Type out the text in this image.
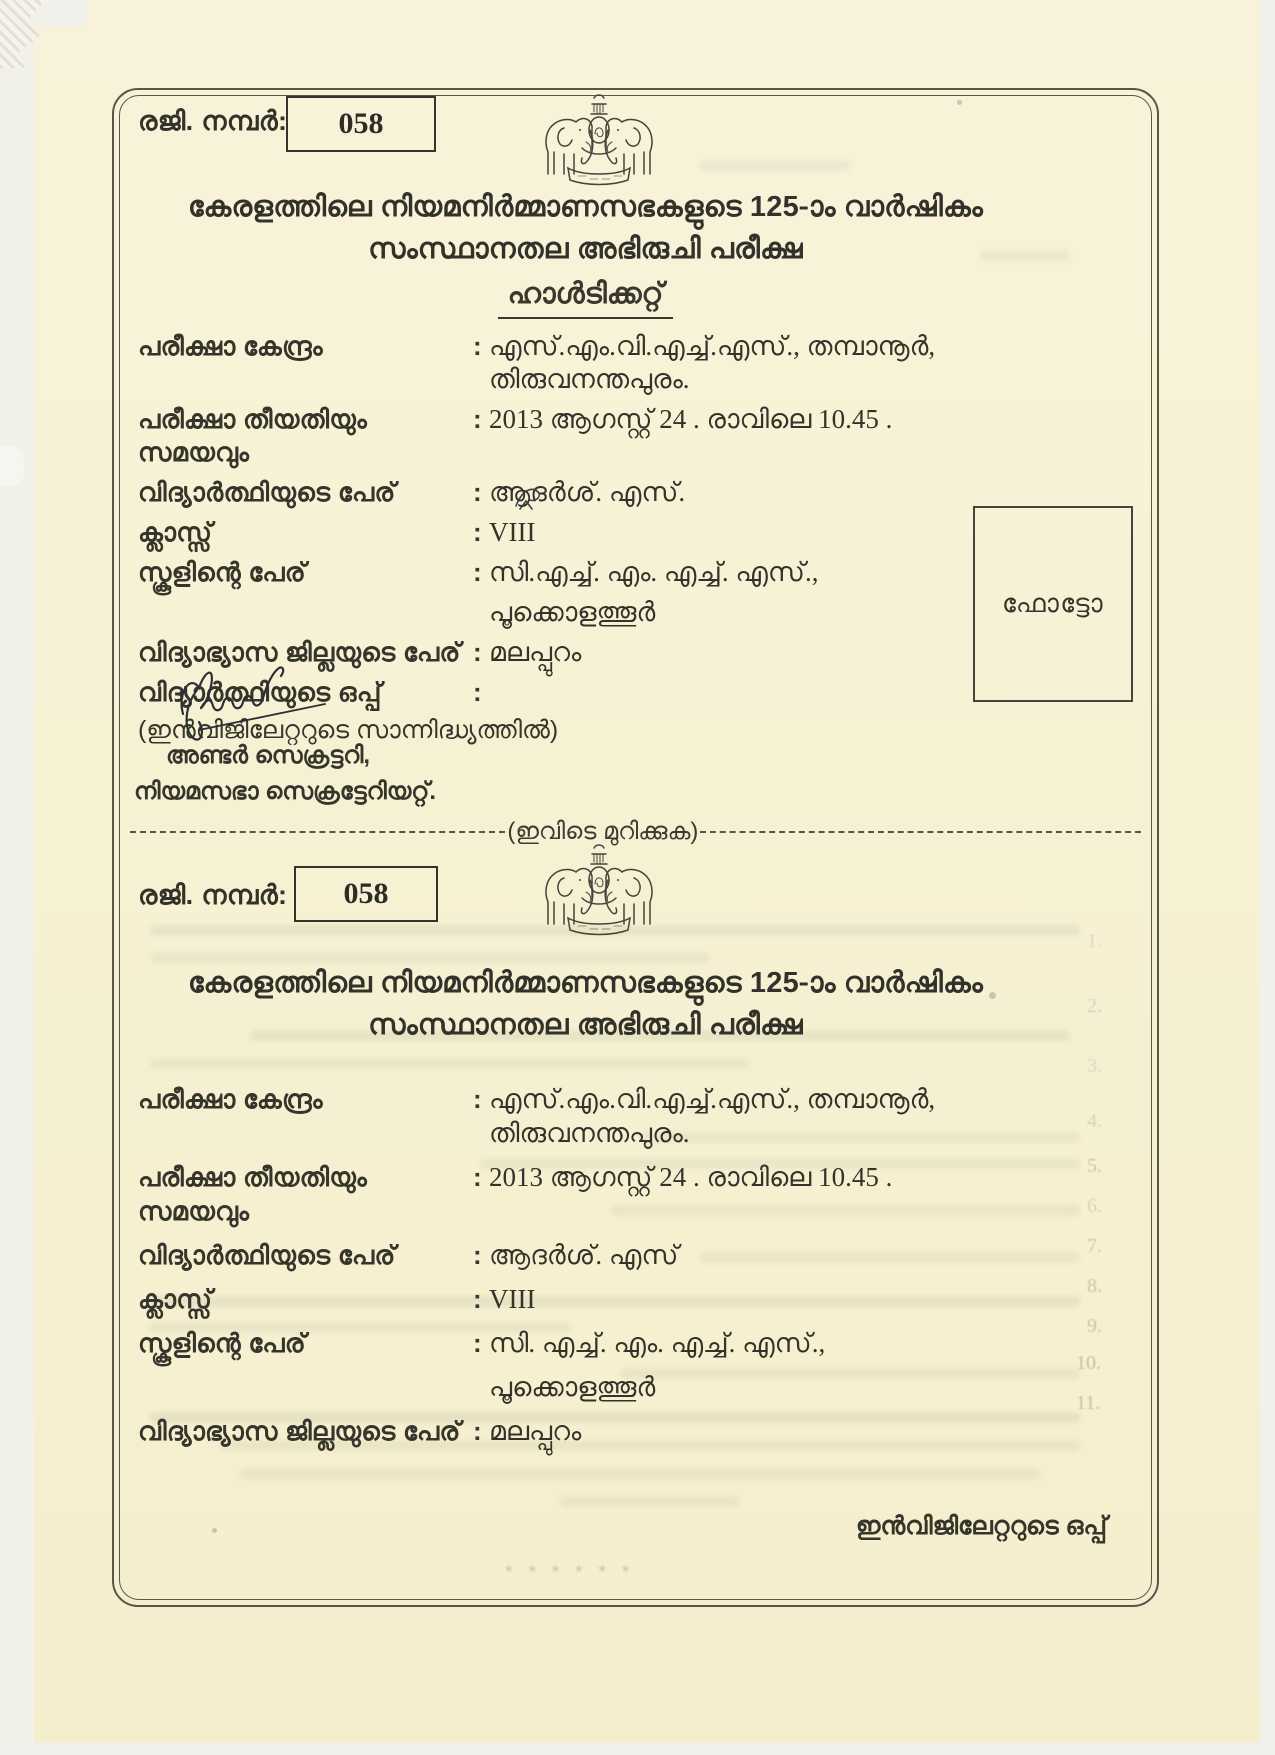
* * * * * *
രജി. നമ്പർ:	058
കേരളത്തിലെ നിയമനിർമ്മാണസഭകളുടെ 125-ാം വാർഷികം
സംസ്ഥാനതല അഭിരുചി പരീക്ഷ
ഹാൾടിക്കറ്റ്
പരീക്ഷാ കേന്ദ്രം	: എസ്.എം.വി.എച്ച്.എസ്., തമ്പാനൂർ, തിരുവനന്തപുരം.
പരീക്ഷാ തീയതിയും സമയവും
: 2013 ആഗസ്റ്റ് 24 . രാവിലെ 10.45 .
വിദ്യാർത്ഥിയുടെ പേര്	: ആദർശ്. എസ്.
ക്ലാസ്സ്	: VIII
സ്കൂളിന്റെ പേര്	: സി.എച്ച്. എം. എച്ച്. എസ്.,
പൂക്കൊളത്തൂർ
വിദ്യാഭ്യാസ ജില്ലയുടെ പേര് : മലപ്പുറം
വിദ്യാർത്ഥിയുടെ ഒപ്പ്	:
(ഇൻവിജിലേറ്ററുടെ സാന്നിദ്ധ്യത്തിൽ)
ഫോട്ടോ
അണ്ടർ സെക്രട്ടറി,
നിയമസഭാ സെക്രട്ടേറിയറ്റ്.
(ഇവിടെ മുറിക്കുക)
രജി. നമ്പർ:	058
കേരളത്തിലെ നിയമനിർമ്മാണസഭകളുടെ 125-ാം വാർഷികം
സംസ്ഥാനതല അഭിരുചി പരീക്ഷ
പരീക്ഷാ കേന്ദ്രം	: എസ്.എം.വി.എച്ച്.എസ്., തമ്പാനൂർ, തിരുവനന്തപുരം.
പരീക്ഷാ തീയതിയും സമയവും
: 2013 ആഗസ്റ്റ് 24 . രാവിലെ 10.45 .
വിദ്യാർത്ഥിയുടെ പേര്	: ആദർശ്. എസ്
ക്ലാസ്സ്	: VIII
സ്കൂളിന്റെ പേര്	: സി. എച്ച്. എം. എച്ച്. എസ്.,
പൂക്കൊളത്തൂർ
വിദ്യാഭ്യാസ ജില്ലയുടെ പേര് : മലപ്പുറം
ഇൻവിജിലേറ്ററുടെ ഒപ്പ്
1.
2.
3.
4.
5.
6.
7.
8.
9.
10.
11.
